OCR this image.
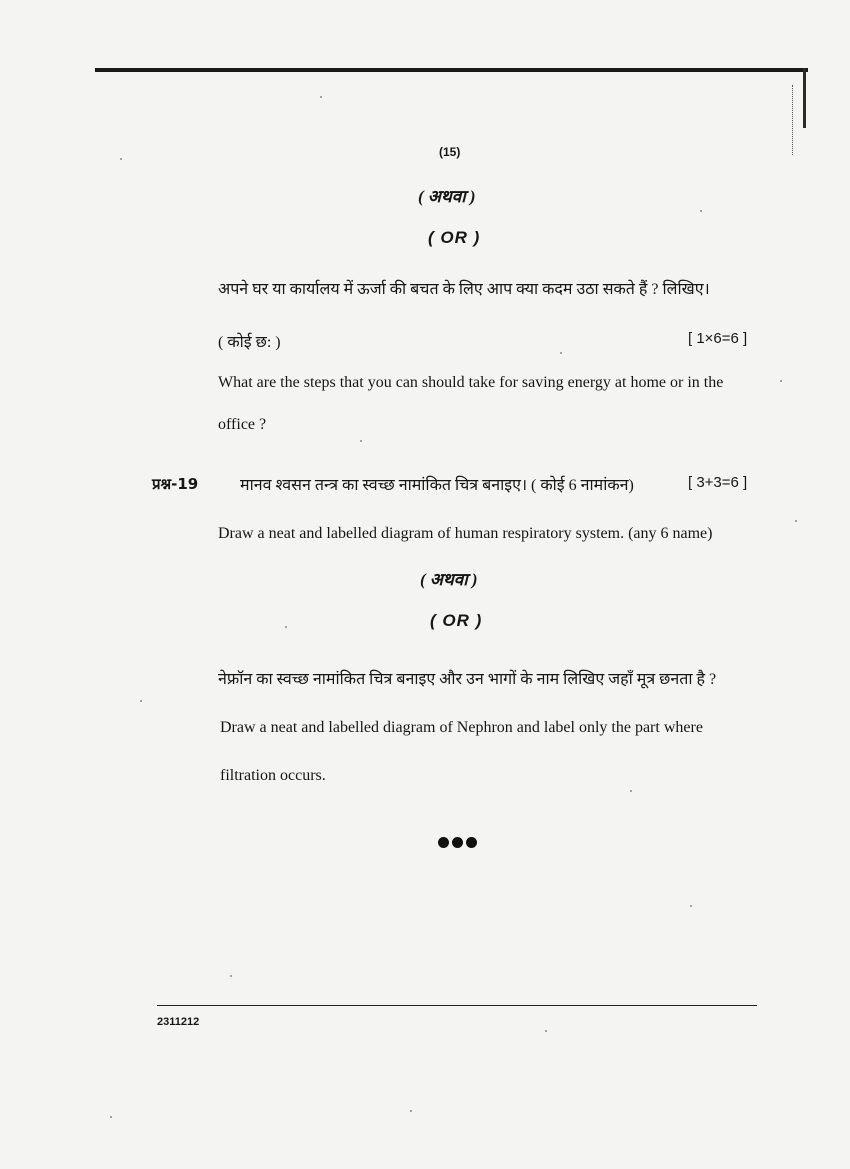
(15)
( अथवा )
( OR )
अपने घर या कार्यालय में ऊर्जा की बचत के लिए आप क्या कदम उठा सकते हैं ? लिखिए।
( कोई छ: )	[ 1×6=6 ]
What are the steps that you can should take for saving energy at home or in the
office ?
प्रश्न-19	मानव श्वसन तन्त्र का स्वच्छ नामांकित चित्र बनाइए। ( कोई 6 नामांकन)	[ 3+3=6 ]
Draw a neat and labelled diagram of human respiratory system. (any 6 name)
( अथवा )
( OR )
नेफ्रॉन का स्वच्छ नामांकित चित्र बनाइए और उन भागों के नाम लिखिए जहाँ मूत्र छनता है ?
Draw a neat and labelled diagram of Nephron and label only the part where
filtration occurs.
2311212
